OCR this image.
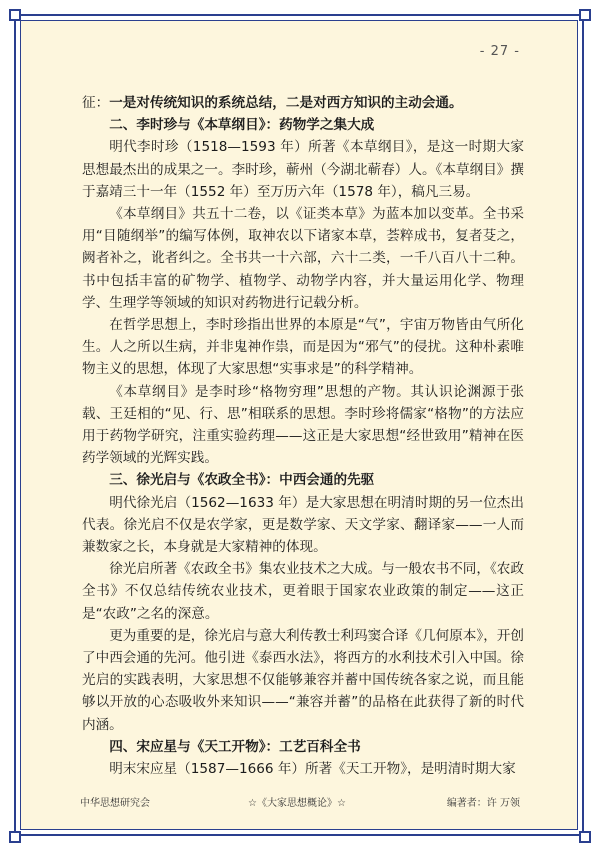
- 27 -

征：一是对传统知识的系统总结，二是对西方知识的主动会通。

二、李时珍与《本草纲目》：药物学之集大成

明代李时珍（1518—1593 年）所著《本草纲目》，是这一时期大家思想最杰出的成果之一。李时珍，蕲州（今湖北蕲春）人。《本草纲目》撰于嘉靖三十一年（1552 年）至万历六年（1578 年），稿凡三易。

《本草纲目》共五十二卷，以《证类本草》为蓝本加以变革。全书采用“目随纲举”的编写体例，取神农以下诸家本草，荟粹成书，复者芟之，阙者补之，讹者纠之。全书共一十六部，六十二类，一千八百八十二种。书中包括丰富的矿物学、植物学、动物学内容，并大量运用化学、物理学、生理学等领域的知识对药物进行记载分析。

在哲学思想上，李时珍指出世界的本原是“气”，宇宙万物皆由气所化生。人之所以生病，并非鬼神作祟，而是因为“邪气”的侵扰。这种朴素唯物主义的思想，体现了大家思想“实事求是”的科学精神。

《本草纲目》是李时珍“格物穷理”思想的产物。其认识论渊源于张载、王廷相的“见、行、思”相联系的思想。李时珍将儒家“格物”的方法应用于药物学研究，注重实验药理——这正是大家思想“经世致用”精神在医药学领域的光辉实践。

三、徐光启与《农政全书》：中西会通的先驱

明代徐光启（1562—1633 年）是大家思想在明清时期的另一位杰出代表。徐光启不仅是农学家，更是数学家、天文学家、翻译家——一人而兼数家之长，本身就是大家精神的体现。

徐光启所著《农政全书》集农业技术之大成。与一般农书不同，《农政全书》不仅总结传统农业技术，更着眼于国家农业政策的制定——这正是“农政”之名的深意。

更为重要的是，徐光启与意大利传教士利玛窦合译《几何原本》，开创了中西会通的先河。他引进《泰西水法》，将西方的水利技术引入中国。徐光启的实践表明，大家思想不仅能够兼容并蓄中国传统各家之说，而且能够以开放的心态吸收外来知识——“兼容并蓄”的品格在此获得了新的时代内涵。

四、宋应星与《天工开物》：工艺百科全书

明末宋应星（1587—1666 年）所著《天工开物》，是明清时期大家

中华思想研究会	☆《大家思想概论》☆	编著者：许 万领
